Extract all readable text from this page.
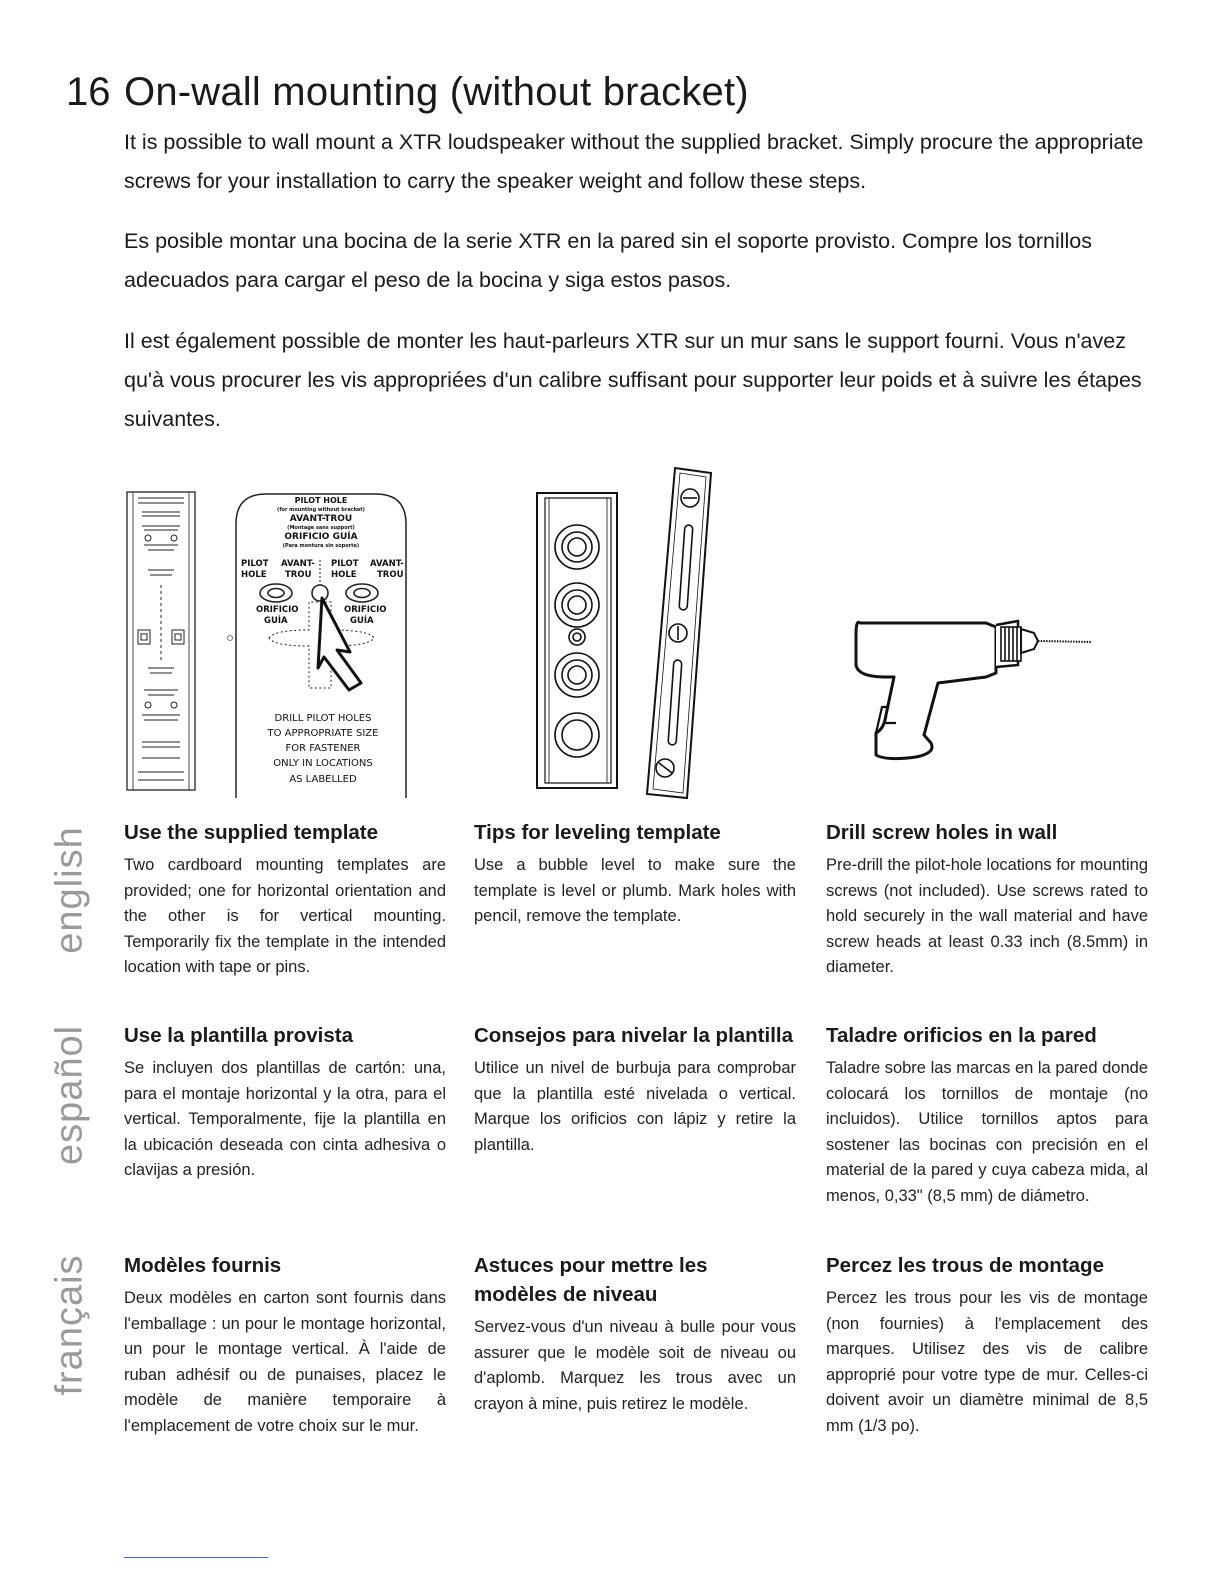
16 On-wall mounting (without bracket)

It is possible to wall mount a XTR loudspeaker without the supplied bracket. Simply procure the appropriate screws for your installation to carry the speaker weight and follow these steps.

Es posible montar una bocina de la serie XTR en la pared sin el soporte provisto. Compre los tornillos adecuados para cargar el peso de la bocina y siga estos pasos.

Il est également possible de monter les haut-parleurs XTR sur un mur sans le support fourni. Vous n'avez qu'à vous procurer les vis appropriées d'un calibre suffisant pour supporter leur poids et à suivre les étapes suivantes.

PILOT HOLE
(for mounting without bracket)
AVANT-TROU
(Montage sans support)
ORIFICIO GUÍA
(Para montura sin soporte)
PILOT
HOLE
AVANT-
TROU
PILOT
HOLE
AVANT-
TROU
ORIFICIO
GUÍA
ORIFICIO
GUÍA
DRILL PILOT HOLES
TO APPROPRIATE SIZE
FOR FASTENER
ONLY IN LOCATIONS
AS LABELLED
english
español
français
Use the supplied template

Two cardboard mounting templates are provided; one for horizontal orientation and the other is for vertical mounting. Temporarily fix the template in the intended location with tape or pins.

Tips for leveling template

Use a bubble level to make sure the template is level or plumb. Mark holes with pencil, remove the template.

Drill screw holes in wall

Pre-drill the pilot-hole locations for mounting screws (not included). Use screws rated to hold securely in the wall material and have screw heads at least 0.33 inch (8.5mm) in diameter.

Use la plantilla provista

Se incluyen dos plantillas de cartón: una, para el montaje horizontal y la otra, para el vertical. Temporalmente, fije la plantilla en la ubicación deseada con cinta adhesiva o clavijas a presión.

Consejos para nivelar la plantilla

Utilice un nivel de burbuja para comprobar que la plantilla esté nivelada o vertical. Marque los orificios con lápiz y retire la plantilla.

Taladre orificios en la pared

Taladre sobre las marcas en la pared donde colocará los tornillos de montaje (no incluidos). Utilice tornillos aptos para sostener las bocinas con precisión en el material de la pared y cuya cabeza mida, al menos, 0,33" (8,5 mm) de diámetro.

Modèles fournis

Deux modèles en carton sont fournis dans l'emballage : un pour le montage horizontal, un pour le montage vertical. À l'aide de ruban adhésif ou de punaises, placez le modèle de manière temporaire à l'emplacement de votre choix sur le mur.

Astuces pour mettre les modèles de niveau

Servez-vous d'un niveau à bulle pour vous assurer que le modèle soit de niveau ou d'aplomb. Marquez les trous avec un crayon à mine, puis retirez le modèle.

Percez les trous de montage

Percez les trous pour les vis de montage (non fournies) à l'emplacement des marques. Utilisez des vis de calibre approprié pour votre type de mur. Celles-ci doivent avoir un diamètre minimal de 8,5 mm (1/3 po).
